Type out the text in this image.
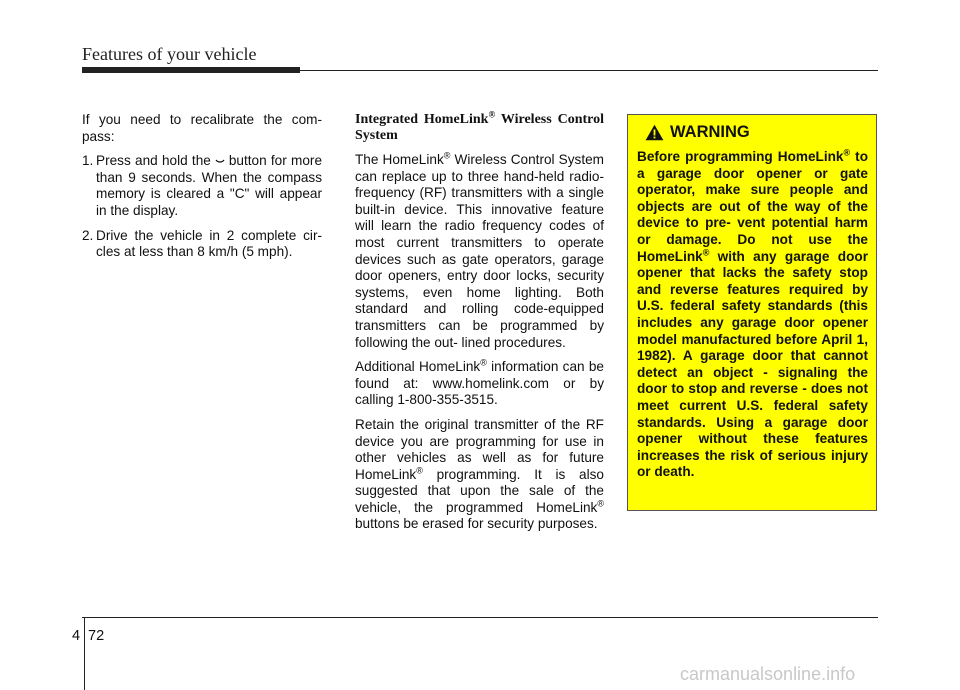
Features of your vehicle

If you need to recalibrate the com- pass:

1. Press and hold the button for more than 9 seconds. When the compass memory is cleared a "C" will appear in the display.
2. Drive the vehicle in 2 complete cir- cles at less than 8 km/h (5 mph).

Integrated HomeLink® Wireless Control System

The HomeLink® Wireless Control System can replace up to three hand-held radio-frequency (RF) transmitters with a single built-in device. This innovative feature will learn the radio frequency codes of most current transmitters to operate devices such as gate operators, garage door openers, entry door locks, security systems, even home lighting. Both standard and rolling code-equipped transmitters can be programmed by following the out- lined procedures.

Additional HomeLink® information can be found at: www.homelink.com or by calling 1-800-355-3515.

Retain the original transmitter of the RF device you are programming for use in other vehicles as well as for future HomeLink® programming. It is also suggested that upon the sale of the vehicle, the programmed HomeLink® buttons be erased for security purposes.

WARNING

Before programming HomeLink® to a garage door opener or gate operator, make sure people and objects are out of the way of the device to pre- vent potential harm or damage. Do not use the HomeLink® with any garage door opener that lacks the safety stop and reverse features required by U.S. federal safety standards (this includes any garage door opener model manufactured before April 1, 1982). A garage door that cannot detect an object - signaling the door to stop and reverse - does not meet current U.S. federal safety standards. Using a garage door opener without these features increases the risk of serious injury or death.

4 72
carmanualsonline.info
